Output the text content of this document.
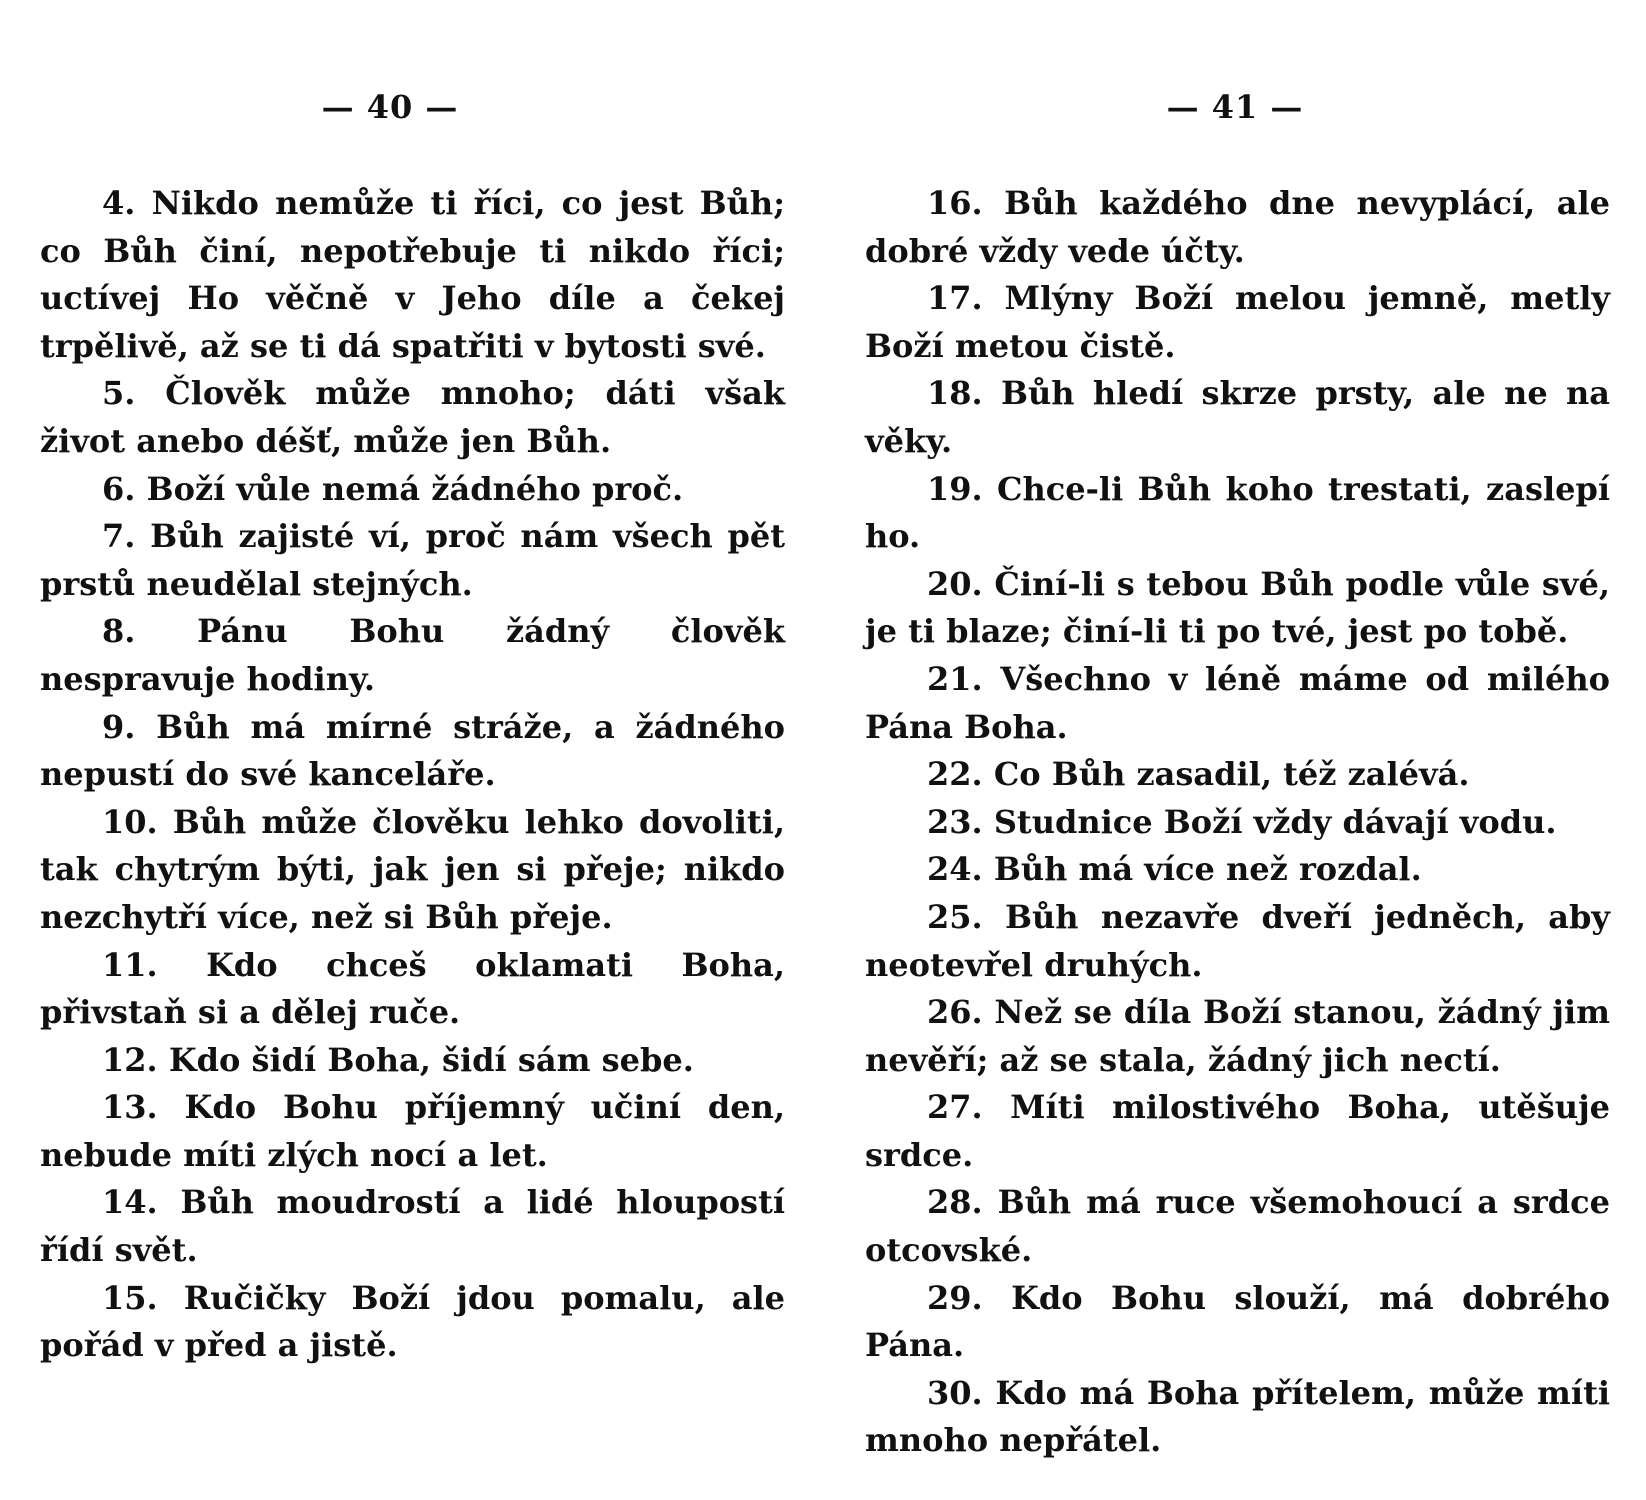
— 40 —

4. Nikdo nemůže ti říci, co jest Bůh; co Bůh činí, nepotřebuje ti nikdo říci; uctívej Ho věčně v Jeho díle a čekej trpělivě, až se ti dá spatřiti v bytosti své.

5. Člověk může mnoho; dáti však život anebo déšť, může jen Bůh.

6. Boží vůle nemá žádného proč.

7. Bůh zajisté ví, proč nám všech pět prstů neudělal stejných.

8. Pánu Bohu žádný člověk nespravuje hodiny.

9. Bůh má mírné stráže, a žádného nepustí do své kanceláře.

10. Bůh může člověku lehko dovoliti, tak chytrým býti, jak jen si přeje; nikdo nezchytří více, než si Bůh přeje.

11. Kdo chceš oklamati Boha, přivstaň si a dělej ruče.

12. Kdo šidí Boha, šidí sám sebe.

13. Kdo Bohu příjemný učiní den, nebude míti zlých nocí a let.

14. Bůh moudrostí a lidé hloupostí řídí svět.

15. Ručičky Boží jdou pomalu, ale pořád v před a jistě.

— 41 —

16. Bůh každého dne nevyplácí, ale dobré vždy vede účty.

17. Mlýny Boží melou jemně, metly Boží metou čistě.

18. Bůh hledí skrze prsty, ale ne na věky.

19. Chce-li Bůh koho trestati, zaslepí ho.

20. Činí-li s tebou Bůh podle vůle své, je ti blaze; činí-li ti po tvé, jest po tobě.

21. Všechno v léně máme od milého Pána Boha.

22. Co Bůh zasadil, též zalévá.

23. Studnice Boží vždy dávají vodu.

24. Bůh má více než rozdal.

25. Bůh nezavře dveří jedněch, aby neotevřel druhých.

26. Než se díla Boží stanou, žádný jim nevěří; až se stala, žádný jich nectí.

27. Míti milostivého Boha, utěšuje srdce.

28. Bůh má ruce všemohoucí a srdce otcovské.

29. Kdo Bohu slouží, má dobrého Pána.

30. Kdo má Boha přítelem, může míti mnoho nepřátel.
